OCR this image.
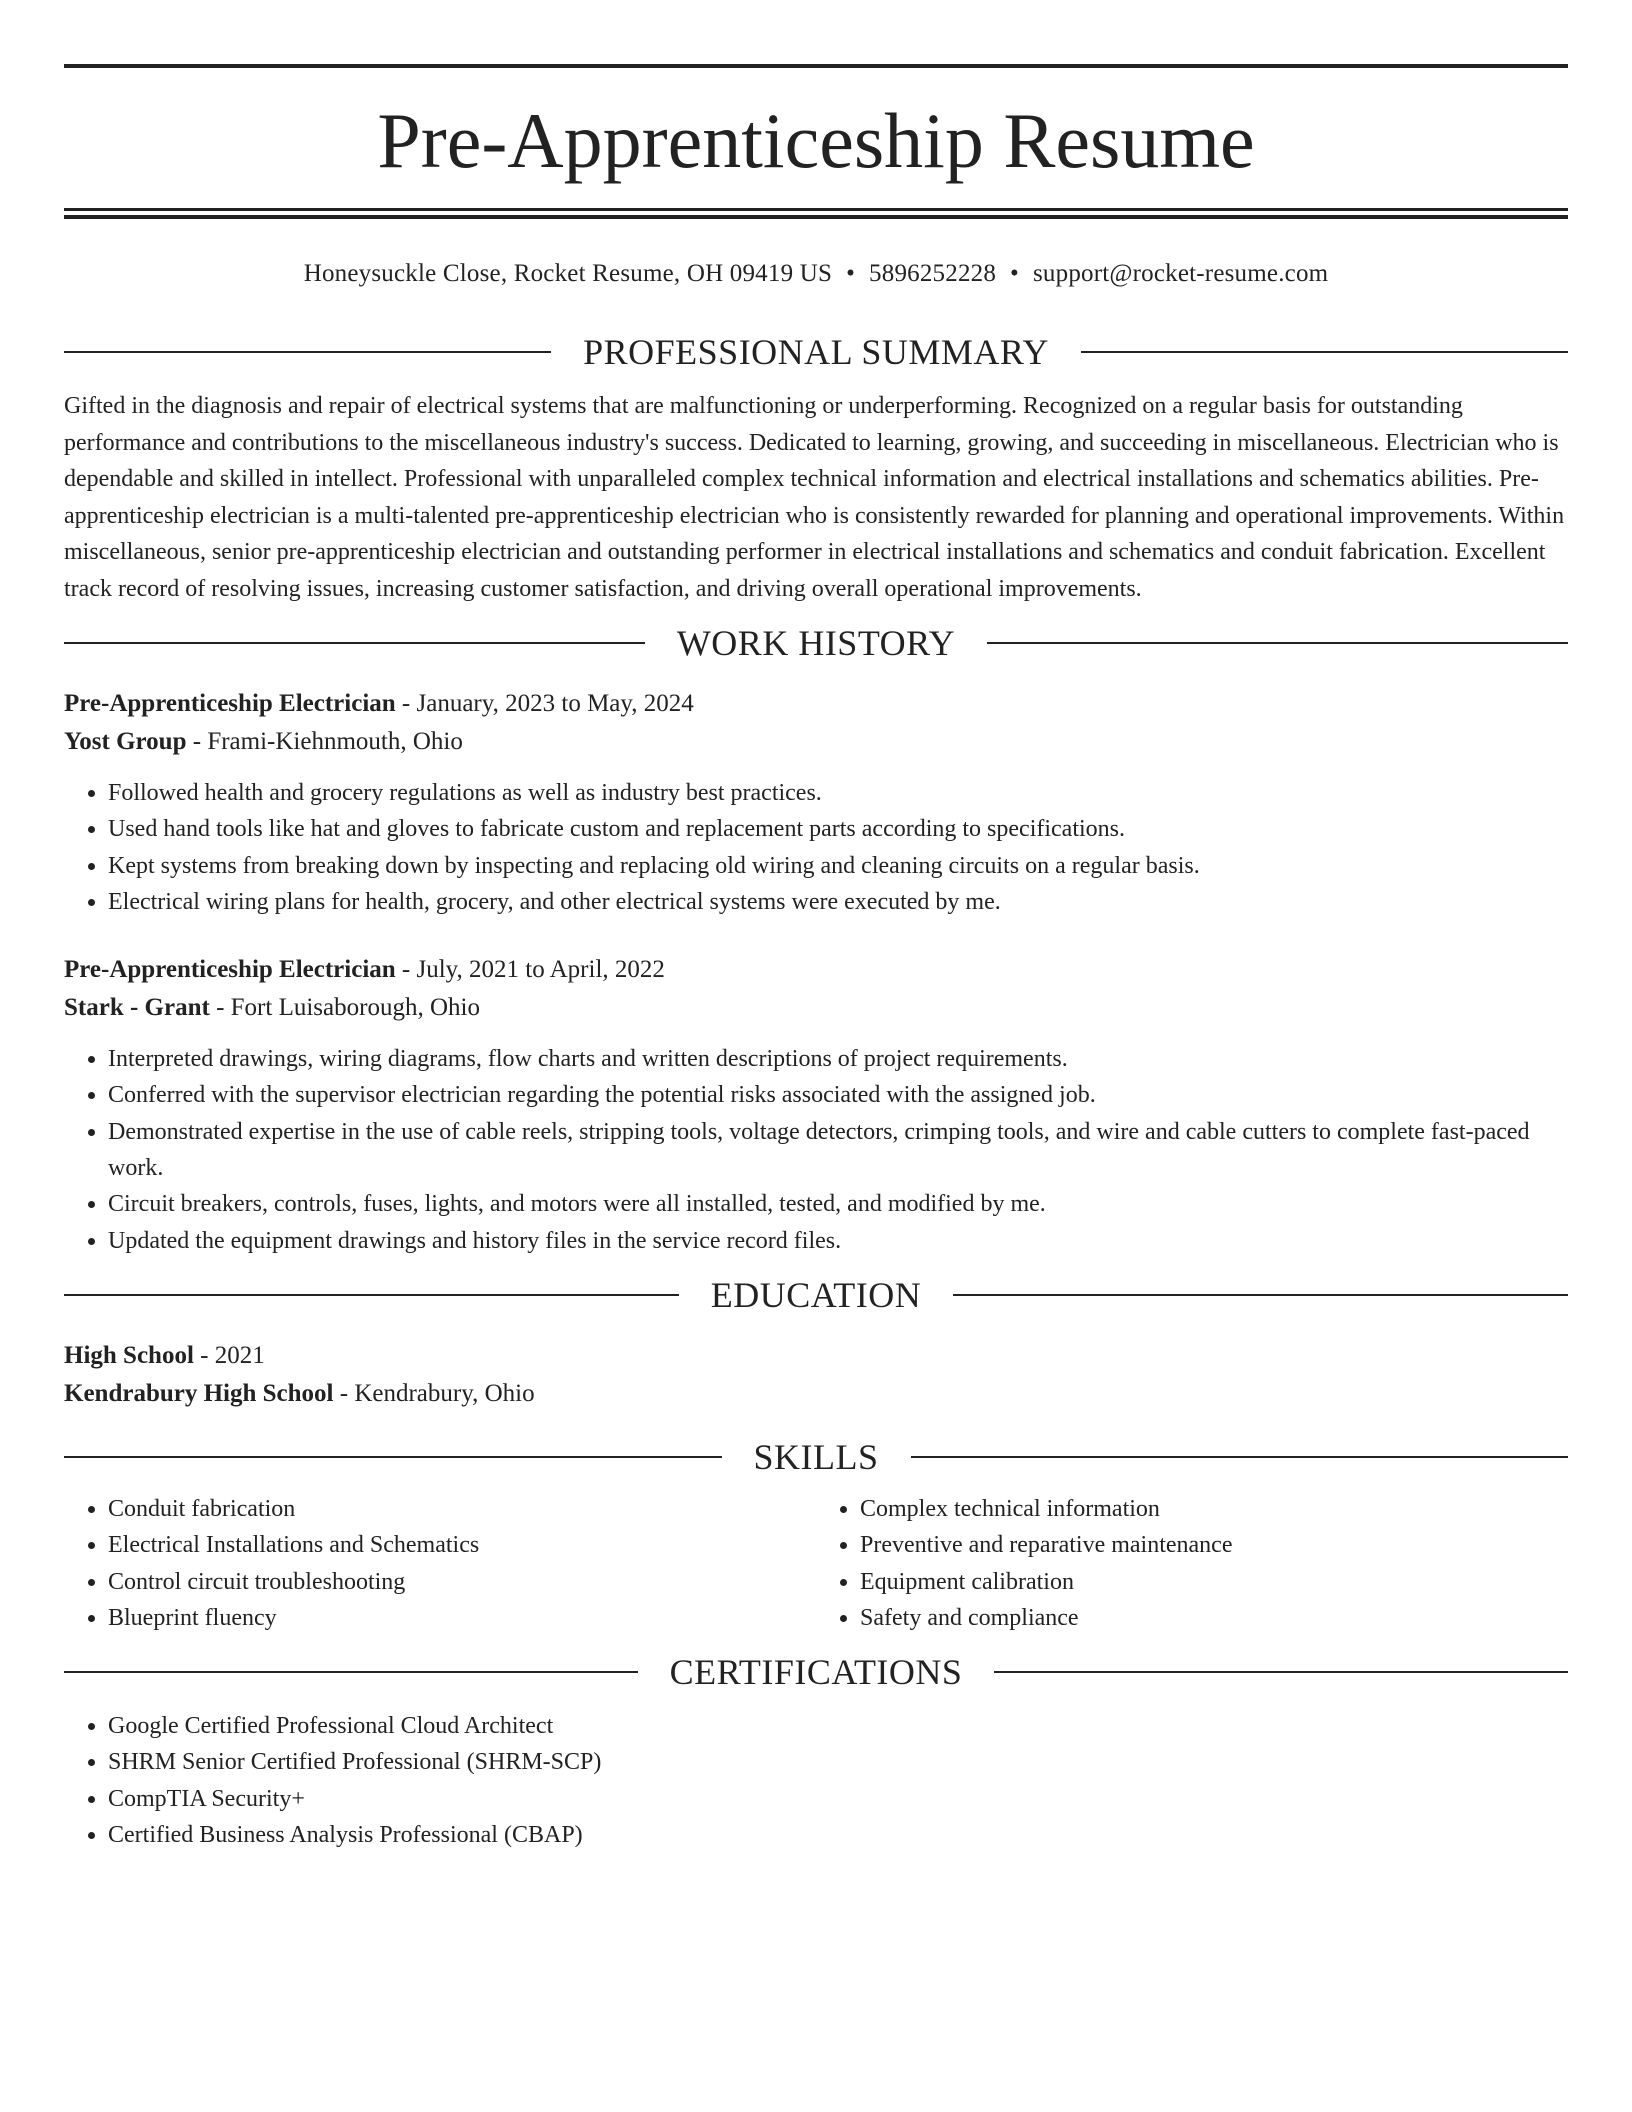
Pre-Apprenticeship Resume
Honeysuckle Close, Rocket Resume, OH 09419 US • 5896252228 • support@rocket-resume.com
PROFESSIONAL SUMMARY

Gifted in the diagnosis and repair of electrical systems that are malfunctioning or underperforming. Recognized on a regular basis for outstanding performance and contributions to the miscellaneous industry's success. Dedicated to learning, growing, and succeeding in miscellaneous. Electrician who is dependable and skilled in intellect. Professional with unparalleled complex technical information and electrical installations and schematics abilities. Pre-apprenticeship electrician is a multi-talented pre-apprenticeship electrician who is consistently rewarded for planning and operational improvements. Within miscellaneous, senior pre-apprenticeship electrician and outstanding performer in electrical installations and schematics and conduit fabrication. Excellent track record of resolving issues, increasing customer satisfaction, and driving overall operational improvements.

WORK HISTORY
Pre-Apprenticeship Electrician - January, 2023 to May, 2024
Yost Group - Frami-Kiehnmouth, Ohio
• Followed health and grocery regulations as well as industry best practices.
• Used hand tools like hat and gloves to fabricate custom and replacement parts according to specifications.
• Kept systems from breaking down by inspecting and replacing old wiring and cleaning circuits on a regular basis.
• Electrical wiring plans for health, grocery, and other electrical systems were executed by me.
Pre-Apprenticeship Electrician - July, 2021 to April, 2022
Stark - Grant - Fort Luisaborough, Ohio
• Interpreted drawings, wiring diagrams, flow charts and written descriptions of project requirements.
• Conferred with the supervisor electrician regarding the potential risks associated with the assigned job.
• Demonstrated expertise in the use of cable reels, stripping tools, voltage detectors, crimping tools, and wire and cable cutters to complete fast-paced work.
• Circuit breakers, controls, fuses, lights, and motors were all installed, tested, and modified by me.
• Updated the equipment drawings and history files in the service record files.
EDUCATION
High School - 2021
Kendrabury High School - Kendrabury, Ohio
SKILLS
• Conduit fabrication
• Electrical Installations and Schematics
• Control circuit troubleshooting
• Blueprint fluency
• Complex technical information
• Preventive and reparative maintenance
• Equipment calibration
• Safety and compliance
CERTIFICATIONS
• Google Certified Professional Cloud Architect
• SHRM Senior Certified Professional (SHRM-SCP)
• CompTIA Security+
• Certified Business Analysis Professional (CBAP)
